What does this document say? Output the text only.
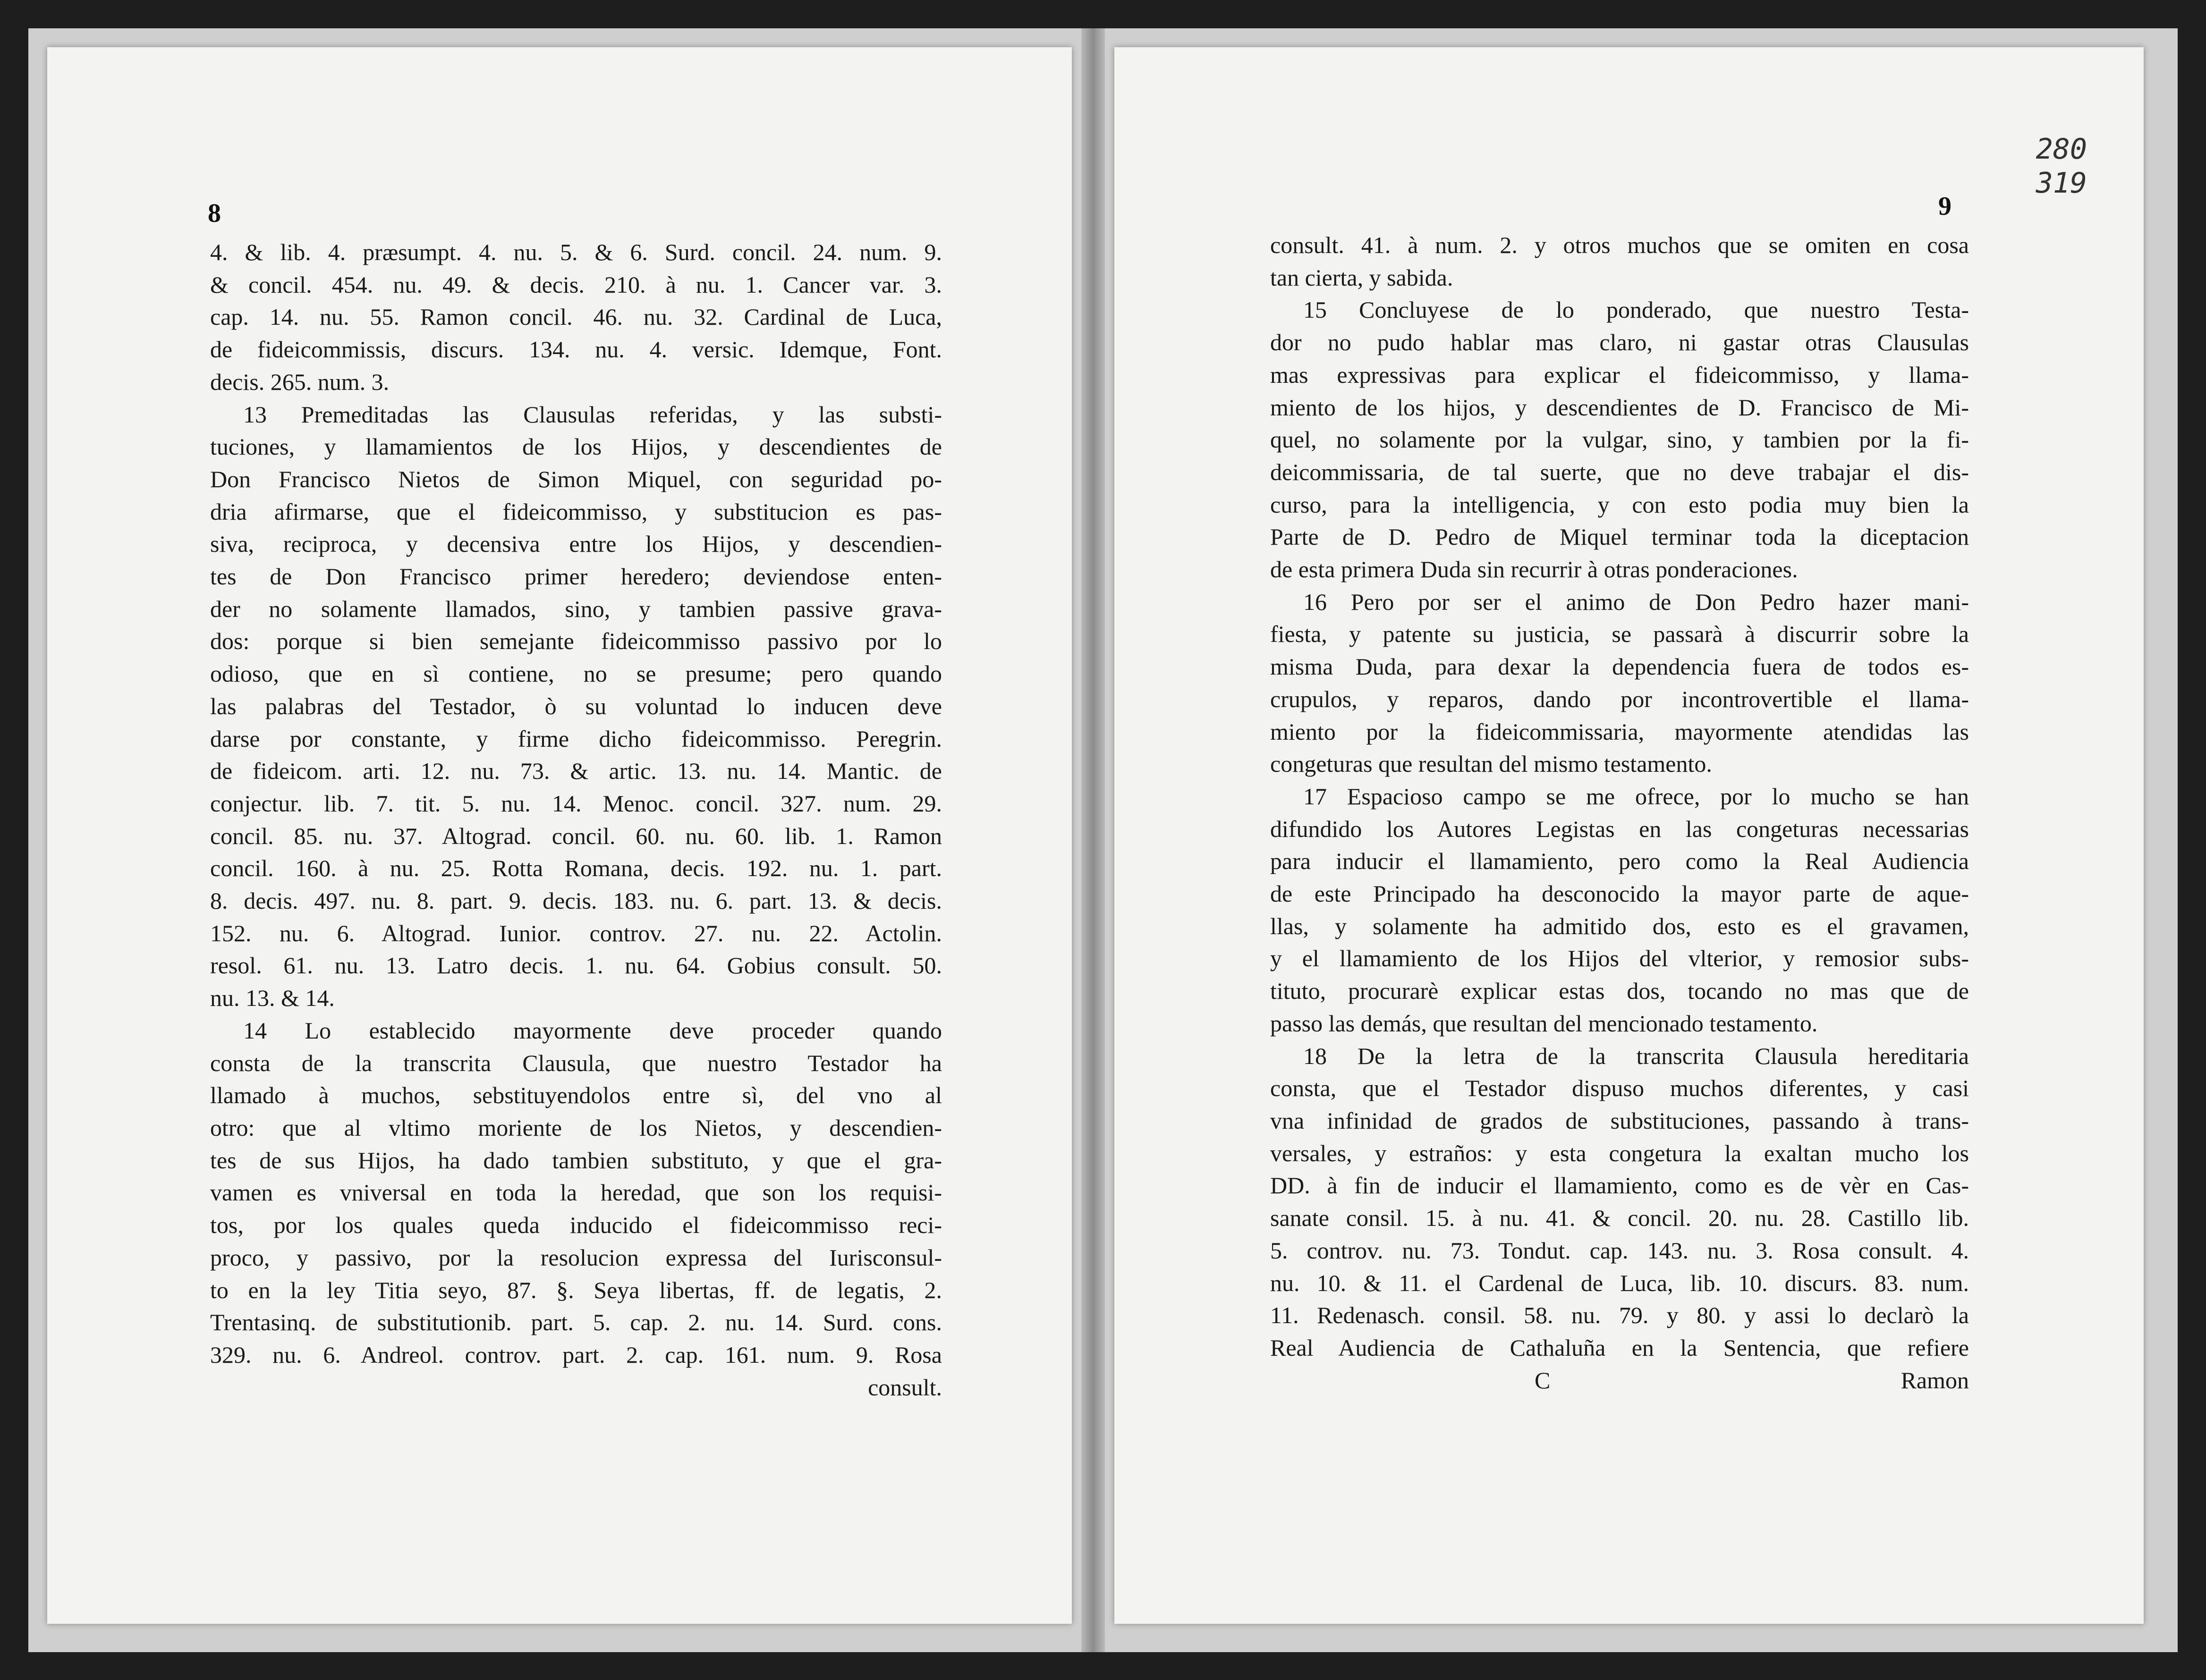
8
4. & lib. 4. præsumpt. 4. nu. 5. & 6. Surd. concil. 24. num. 9.
& concil. 454. nu. 49. & decis. 210. à nu. 1. Cancer var. 3.
cap. 14. nu. 55. Ramon concil. 46. nu. 32. Cardinal de Luca,
de fideicommissis, discurs. 134. nu. 4. versic. Idemque, Font.
decis. 265. num. 3.
13 Premeditadas las Clausulas referidas, y las substi-
tuciones, y llamamientos de los Hijos, y descendientes de
Don Francisco Nietos de Simon Miquel, con seguridad po-
dria afirmarse, que el fideicommisso, y substitucion es pas-
siva, reciproca, y decensiva entre los Hijos, y descendien-
tes de Don Francisco primer heredero; deviendose enten-
der no solamente llamados, sino, y tambien passive grava-
dos: porque si bien semejante fideicommisso passivo por lo
odioso, que en sì contiene, no se presume; pero quando
las palabras del Testador, ò su voluntad lo inducen deve
darse por constante, y firme dicho fideicommisso. Peregrin.
de fideicom. arti. 12. nu. 73. & artic. 13. nu. 14. Mantic. de
conjectur. lib. 7. tit. 5. nu. 14. Menoc. concil. 327. num. 29.
concil. 85. nu. 37. Altograd. concil. 60. nu. 60. lib. 1. Ramon
concil. 160. à nu. 25. Rotta Romana, decis. 192. nu. 1. part.
8. decis. 497. nu. 8. part. 9. decis. 183. nu. 6. part. 13. & decis.
152. nu. 6. Altograd. Iunior. controv. 27. nu. 22. Actolin.
resol. 61. nu. 13. Latro decis. 1. nu. 64. Gobius consult. 50.
nu. 13. & 14.
14 Lo establecido mayormente deve proceder quando
consta de la transcrita Clausula, que nuestro Testador ha
llamado à muchos, sebstituyendolos entre sì, del vno al
otro: que al vltimo moriente de los Nietos, y descendien-
tes de sus Hijos, ha dado tambien substituto, y que el gra-
vamen es vniversal en toda la heredad, que son los requisi-
tos, por los quales queda inducido el fideicommisso reci-
proco, y passivo, por la resolucion expressa del Iurisconsul-
to en la ley Titia seyo, 87. §. Seya libertas, ff. de legatis, 2.
Trentasinq. de substitutionib. part. 5. cap. 2. nu. 14. Surd. cons.
329. nu. 6. Andreol. controv. part. 2. cap. 161. num. 9. Rosa
consult.
280
319
9
consult. 41. à num. 2. y otros muchos que se omiten en cosa
tan cierta, y sabida.
15 Concluyese de lo ponderado, que nuestro Testa-
dor no pudo hablar mas claro, ni gastar otras Clausulas
mas expressivas para explicar el fideicommisso, y llama-
miento de los hijos, y descendientes de D. Francisco de Mi-
quel, no solamente por la vulgar, sino, y tambien por la fi-
deicommissaria, de tal suerte, que no deve trabajar el dis-
curso, para la intelligencia, y con esto podia muy bien la
Parte de D. Pedro de Miquel terminar toda la diceptacion
de esta primera Duda sin recurrir à otras ponderaciones.
16 Pero por ser el animo de Don Pedro hazer mani-
fiesta, y patente su justicia, se passarà à discurrir sobre la
misma Duda, para dexar la dependencia fuera de todos es-
crupulos, y reparos, dando por incontrovertible el llama-
miento por la fideicommissaria, mayormente atendidas las
congeturas que resultan del mismo testamento.
17 Espacioso campo se me ofrece, por lo mucho se han
difundido los Autores Legistas en las congeturas necessarias
para inducir el llamamiento, pero como la Real Audiencia
de este Principado ha desconocido la mayor parte de aque-
llas, y solamente ha admitido dos, esto es el gravamen,
y el llamamiento de los Hijos del vlterior, y remosior subs-
tituto, procurarè explicar estas dos, tocando no mas que de
passo las demás, que resultan del mencionado testamento.
18 De la letra de la transcrita Clausula hereditaria
consta, que el Testador dispuso muchos diferentes, y casi
vna infinidad de grados de substituciones, passando à trans-
versales, y estraños: y esta congetura la exaltan mucho los
DD. à fin de inducir el llamamiento, como es de vèr en Cas-
sanate consil. 15. à nu. 41. & concil. 20. nu. 28. Castillo lib.
5. controv. nu. 73. Tondut. cap. 143. nu. 3. Rosa consult. 4.
nu. 10. & 11. el Cardenal de Luca, lib. 10. discurs. 83. num.
11. Redenasch. consil. 58. nu. 79. y 80. y assi lo declarò la
Real Audiencia de Cathaluña en la Sentencia, que refiere
C	Ramon
